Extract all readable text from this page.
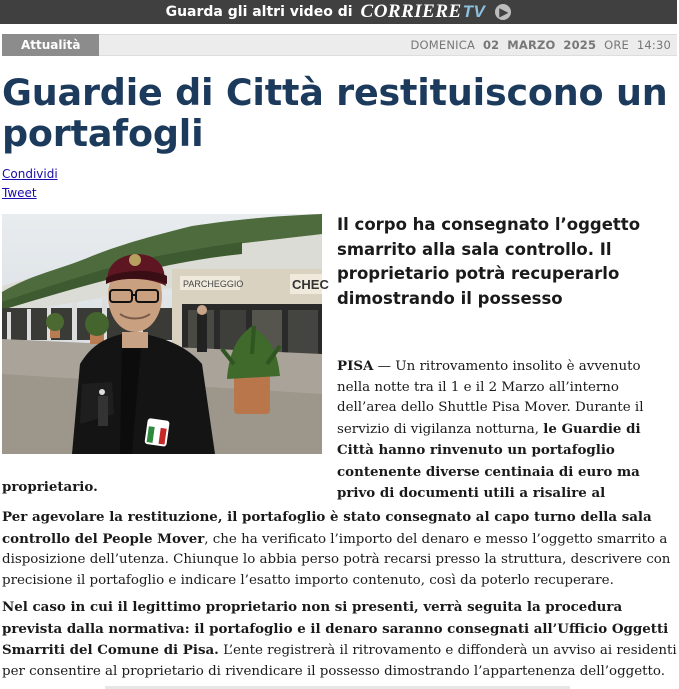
Guarda gli altri video di CORRIERETV ▶
Attualità	DOMENICA 02 MARZO 2025 ORE 14:30
Guardie di Città restituiscono un portafogli
Condividi
Tweet
PARCHEGGIO	CHEC

Il corpo ha consegnato l’oggetto smarrito alla sala controllo. Il proprietario potrà recuperarlo dimostrando il possesso

PISA — Un ritrovamento insolito è avvenuto nella notte tra il 1 e il 2 Marzo all’interno dell’area dello Shuttle Pisa Mover. Durante il servizio di vigilanza notturna, le Guardie di Città hanno rinvenuto un portafoglio contenente diverse centinaia di euro ma privo di documenti utili a risalire al
proprietario.
Per agevolare la restituzione, il portafoglio è stato consegnato al capo turno della sala controllo del People Mover, che ha verificato l’importo del denaro e messo l’oggetto smarrito a disposizione dell’utenza. Chiunque lo abbia perso potrà recarsi presso la struttura, descrivere con precisione il portafoglio e indicare l’esatto importo contenuto, così da poterlo recuperare.
Nel caso in cui il legittimo proprietario non si presenti, verrà seguita la procedura prevista dalla normativa: il portafoglio e il denaro saranno consegnati all’Ufficio Oggetti Smarriti del Comune di Pisa. L’ente registrerà il ritrovamento e diffonderà un avviso ai residenti per consentire al proprietario di rivendicare il possesso dimostrando l’appartenenza dell’oggetto.
